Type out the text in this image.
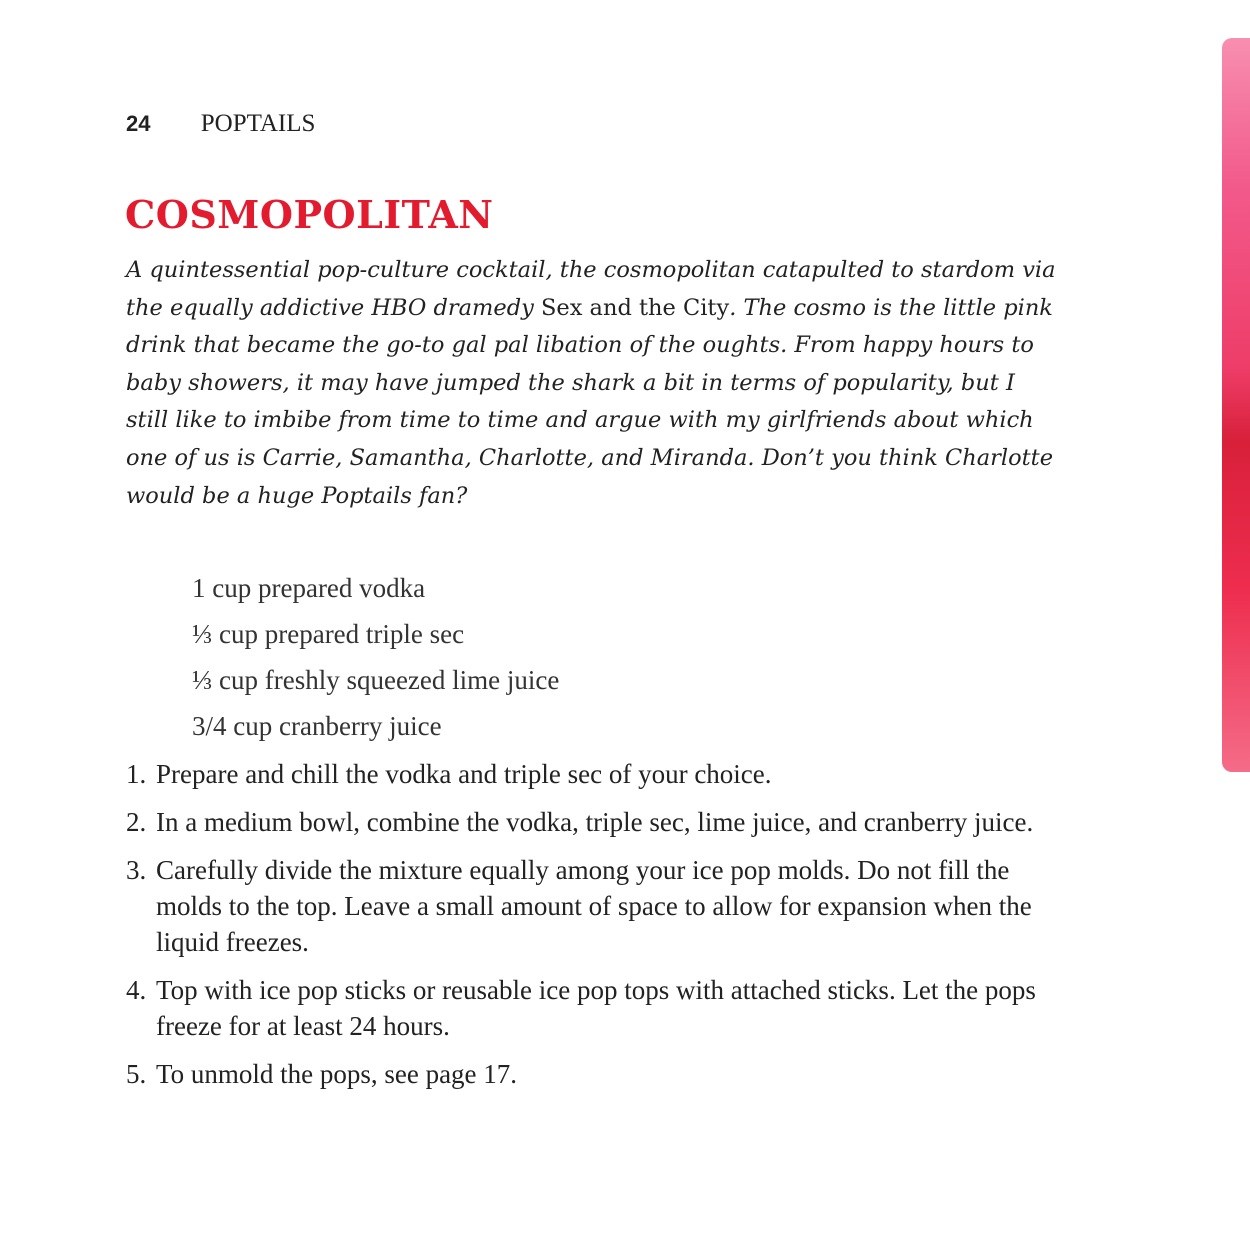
24 POPTAILS
COSMOPOLITAN

A quintessential pop-culture cocktail, the cosmopolitan catapulted to stardom via the equally addictive HBO dramedy Sex and the City. The cosmo is the little pink drink that became the go-to gal pal libation of the oughts. From happy hours to baby showers, it may have jumped the shark a bit in terms of popularity, but I still like to imbibe from time to time and argue with my girlfriends about which one of us is Carrie, Samantha, Charlotte, and Miranda. Don’t you think Charlotte would be a huge Poptails fan?

1 cup prepared vodka
⅓ cup prepared triple sec
⅓ cup freshly squeezed lime juice
3/4 cup cranberry juice
1. Prepare and chill the vodka and triple sec of your choice.
2. In a medium bowl, combine the vodka, triple sec, lime juice, and cranberry juice.
3. Carefully divide the mixture equally among your ice pop molds. Do not fill the molds to the top. Leave a small amount of space to allow for expansion when the liquid freezes.
4. Top with ice pop sticks or reusable ice pop tops with attached sticks. Let the pops freeze for at least 24 hours.
5. To unmold the pops, see page 17.
